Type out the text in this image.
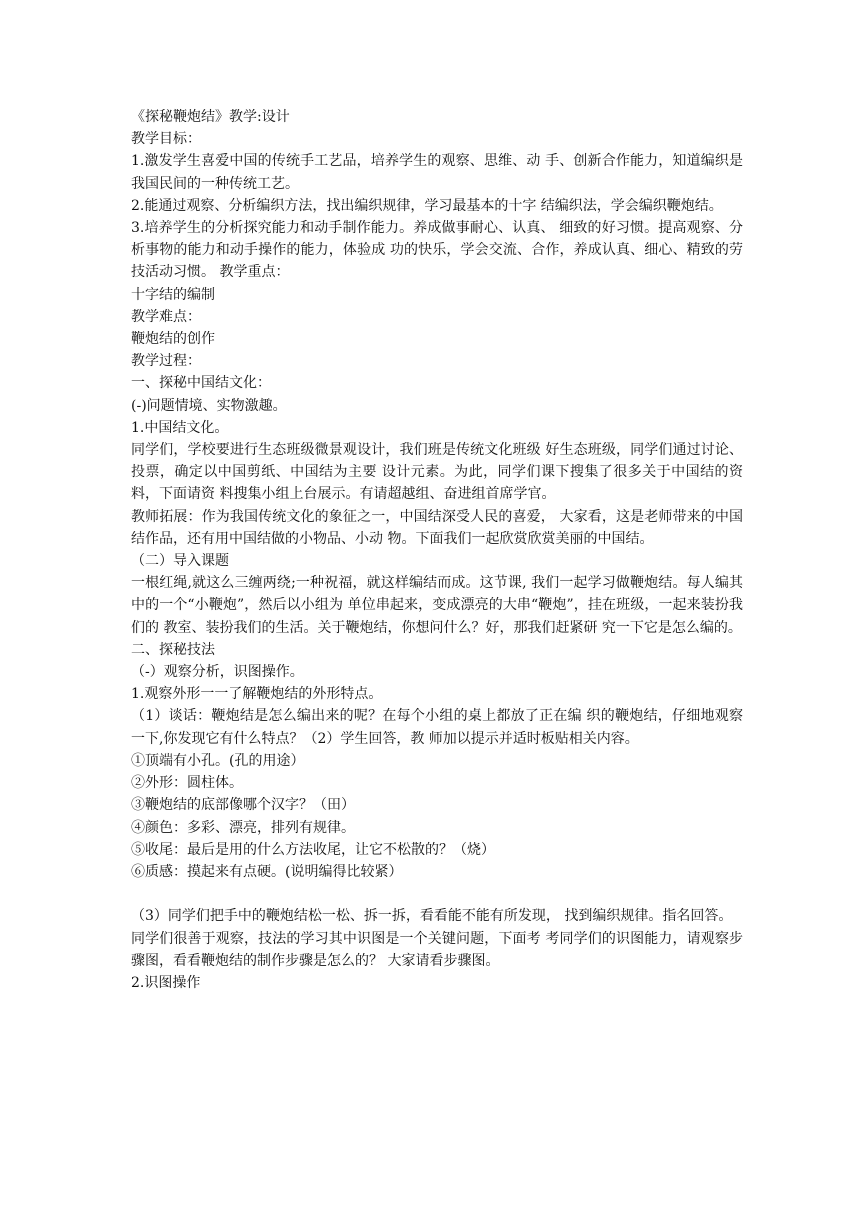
《探秘鞭炮结》教学:设计

教学目标：

1.激发学生喜爱中国的传统手工艺品，培养学生的观察、思维、动 手、创新合作能力，知道编织是我国民间的一种传统工艺。

2.能通过观察、分析编织方法，找出编织规律，学习最基本的十字 结编织法，学会编织鞭炮结。

3.培养学生的分析探究能力和动手制作能力。养成做事耐心、认真、 细致的好习惯。提高观察、分析事物的能力和动手操作的能力，体验成 功的快乐，学会交流、合作，养成认真、细心、精致的劳技活动习惯。 教学重点：

十字结的编制

教学难点：

鞭炮结的创作

教学过程：

一、探秘中国结文化：

(-)问题情境、实物激趣。

1.中国结文化。

同学们，学校要进行生态班级微景观设计，我们班是传统文化班级 好生态班级，同学们通过讨论、投票，确定以中国剪纸、中国结为主要 设计元素。为此，同学们课下搜集了很多关于中国结的资料，下面请资 料搜集小组上台展示。有请超越组、奋进组首席学官。

教师拓展：作为我国传统文化的象征之一，中国结深受人民的喜爱， 大家看，这是老师带来的中国结作品，还有用中国结做的小物品、小动 物。下面我们一起欣赏欣赏美丽的中国结。

（二）导入课题

一根红绳,就这么三缠两绕;一种祝福，就这样编结而成。这节课, 我们一起学习做鞭炮结。每人编其中的一个“小鞭炮”，然后以小组为 单位串起来，变成漂亮的大串“鞭炮”，挂在班级，一起来装扮我们的 教室、装扮我们的生活。关于鞭炮结，你想问什么？好，那我们赶紧研 究一下它是怎么编的。

二、探秘技法

（-）观察分析，识图操作。

1.观察外形一一了解鞭炮结的外形特点。

（1）谈话：鞭炮结是怎么编出来的呢？在每个小组的桌上都放了正在编 织的鞭炮结，仔细地观察一下,你发现它有什么特点？（2）学生回答，教 师加以提示并适时板贴相关内容。

①顶端有小孔。(孔的用途）

②外形：圆柱体。

③鞭炮结的底部像哪个汉字？（田）

④颜色：多彩、漂亮，排列有规律。

⑤收尾：最后是用的什么方法收尾，让它不松散的？（烧）

⑥质感：摸起来有点硬。(说明编得比较紧）

（3）同学们把手中的鞭炮结松一松、拆一拆，看看能不能有所发现， 找到编织规律。指名回答。

同学们很善于观察，技法的学习其中识图是一个关键问题，下面考 考同学们的识图能力，请观察步骤图，看看鞭炮结的制作步骤是怎么的？ 大家请看步骤图。

2.识图操作
